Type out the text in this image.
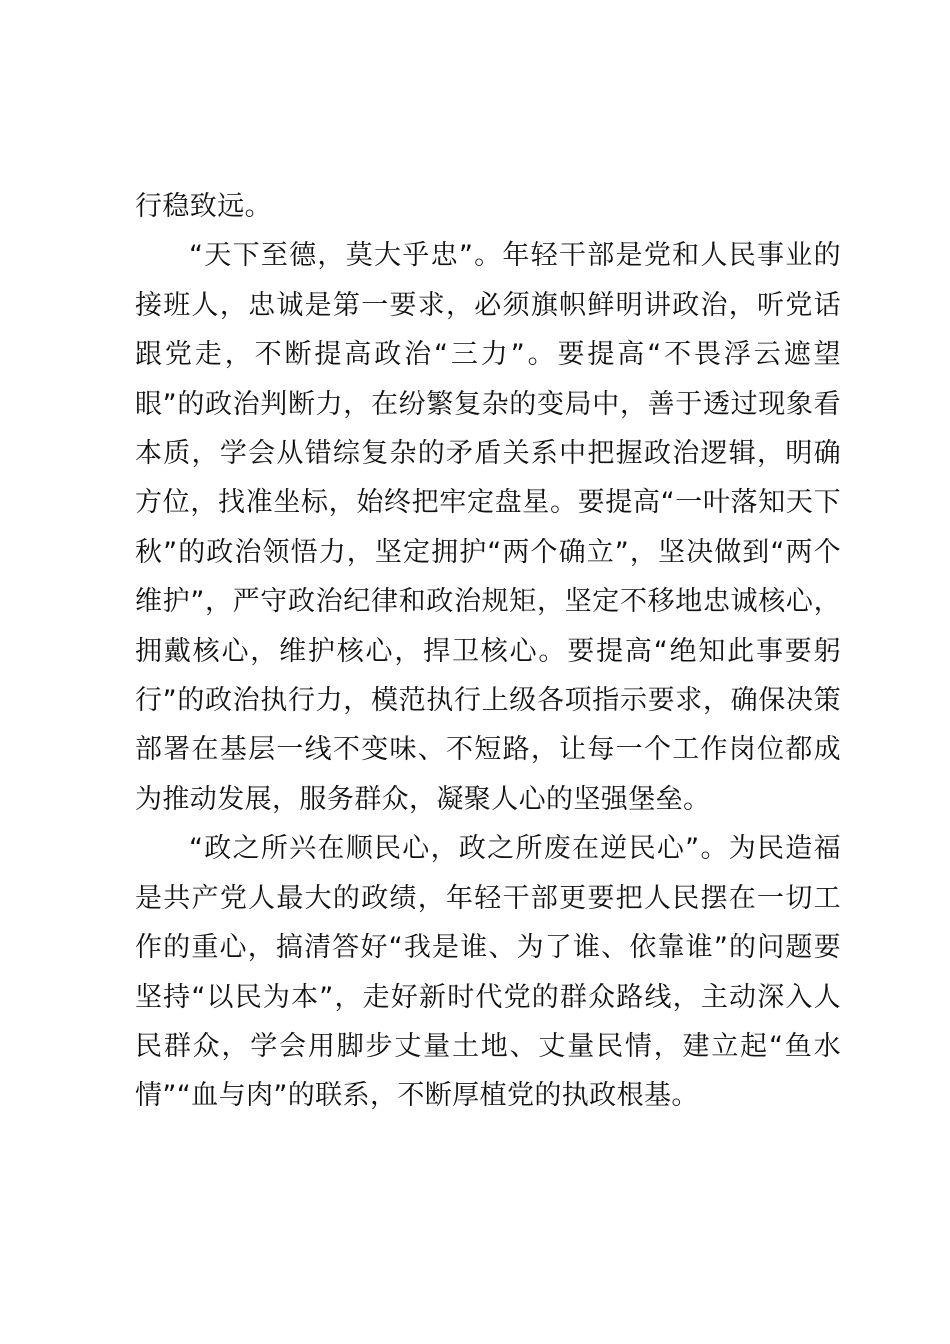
行稳致远。

“天下至德，莫大乎忠”。年轻干部是党和人民事业的接班人，忠诚是第一要求，必须旗帜鲜明讲政治，听党话跟党走，不断提高政治“三力”。要提高“不畏浮云遮望眼”的政治判断力，在纷繁复杂的变局中，善于透过现象看本质，学会从错综复杂的矛盾关系中把握政治逻辑，明确方位，找准坐标，始终把牢定盘星。要提高“一叶落知天下秋”的政治领悟力，坚定拥护“两个确立”，坚决做到“两个维护”，严守政治纪律和政治规矩，坚定不移地忠诚核心，拥戴核心，维护核心，捍卫核心。要提高“绝知此事要躬行”的政治执行力，模范执行上级各项指示要求，确保决策部署在基层一线不变味、不短路，让每一个工作岗位都成为推动发展，服务群众，凝聚人心的坚强堡垒。

“政之所兴在顺民心，政之所废在逆民心”。为民造福是共产党人最大的政绩，年轻干部更要把人民摆在一切工作的重心，搞清答好“我是谁、为了谁、依靠谁”的问题要坚持“以民为本”，走好新时代党的群众路线，主动深入人民群众，学会用脚步丈量土地、丈量民情，建立起“鱼水情”“血与肉”的联系，不断厚植党的执政根基。
